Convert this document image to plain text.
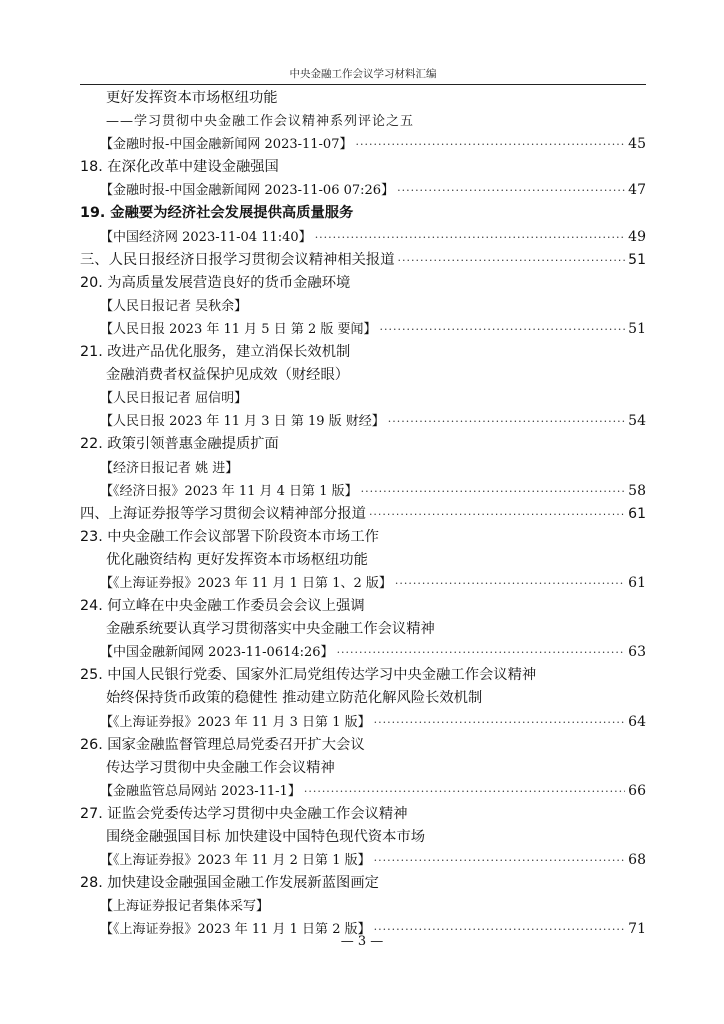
中央金融工作会议学习材料汇编
更好发挥资本市场枢纽功能
——学习贯彻中央金融工作会议精神系列评论之五
【金融时报-中国金融新闻网 2023-11-07】 ·····	45
18. 在深化改革中建设金融强国
【金融时报-中国金融新闻网 2023-11-06 07:26】 ·····	47
19. 金融要为经济社会发展提供高质量服务
【中国经济网 2023-11-04 11:40】 ·····	49
三、人民日报经济日报学习贯彻会议精神相关报道 ·····	51
20. 为高质量发展营造良好的货币金融环境
【人民日报记者 吴秋余】
【人民日报 2023 年 11 月 5 日 第 2 版 要闻】 ·····	51
21. 改进产品优化服务，建立消保长效机制
金融消费者权益保护见成效（财经眼）
【人民日报记者 屈信明】
【人民日报 2023 年 11 月 3 日 第 19 版 财经】 ·····	54
22. 政策引领普惠金融提质扩面
【经济日报记者 姚 进】
【《经济日报》2023 年 11 月 4 日第 1 版】 ·····	58
四、上海证券报等学习贯彻会议精神部分报道 ·····	61
23. 中央金融工作会议部署下阶段资本市场工作
优化融资结构 更好发挥资本市场枢纽功能
【《上海证券报》2023 年 11 月 1 日第 1、2 版】 ·····	61
24. 何立峰在中央金融工作委员会会议上强调
金融系统要认真学习贯彻落实中央金融工作会议精神
【中国金融新闻网 2023-11-0614:26】 ·····	63
25. 中国人民银行党委、国家外汇局党组传达学习中央金融工作会议精神
始终保持货币政策的稳健性 推动建立防范化解风险长效机制
【《上海证券报》2023 年 11 月 3 日第 1 版】 ·····	64
26. 国家金融监督管理总局党委召开扩大会议
传达学习贯彻中央金融工作会议精神
【金融监管总局网站 2023-11-1】 ·····	66
27. 证监会党委传达学习贯彻中央金融工作会议精神
围绕金融强国目标 加快建设中国特色现代资本市场
【《上海证券报》2023 年 11 月 2 日第 1 版】 ·····	68
28. 加快建设金融强国金融工作发展新蓝图画定
【上海证券报记者集体采写】
【《上海证券报》2023 年 11 月 1 日第 2 版】 ·····	71
— 3 —
